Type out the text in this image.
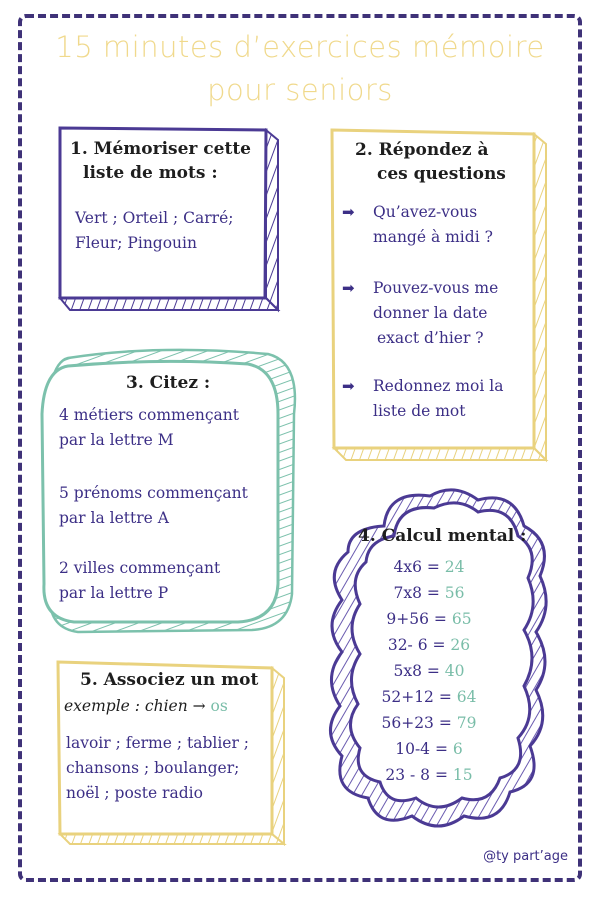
15 minutes d’exercices mémoire
pour seniors
1. Mémoriser cette
liste de mots :
Vert ; Orteil ; Carré;
Fleur; Pingouin
2. Répondez à
ces questions
➡ Qu’avez-vous
mangé à midi ?
➡ Pouvez-vous me
donner la date
exact d’hier ?
➡ Redonnez moi la
liste de mot
3. Citez :
4 métiers commençant
par la lettre M
5 prénoms commençant
par la lettre A
2 villes commençant
par la lettre P
4. Calcul mental :
4x6 = 24
7x8 = 56
9+56 = 65
32- 6 = 26
5x8 = 40
52+12 = 64
56+23 = 79
10-4 = 6
23 - 8 = 15
5. Associez un mot
exemple : chien → os
lavoir ; ferme ; tablier ;
chansons ; boulanger;
noël ; poste radio
@ty part’age
